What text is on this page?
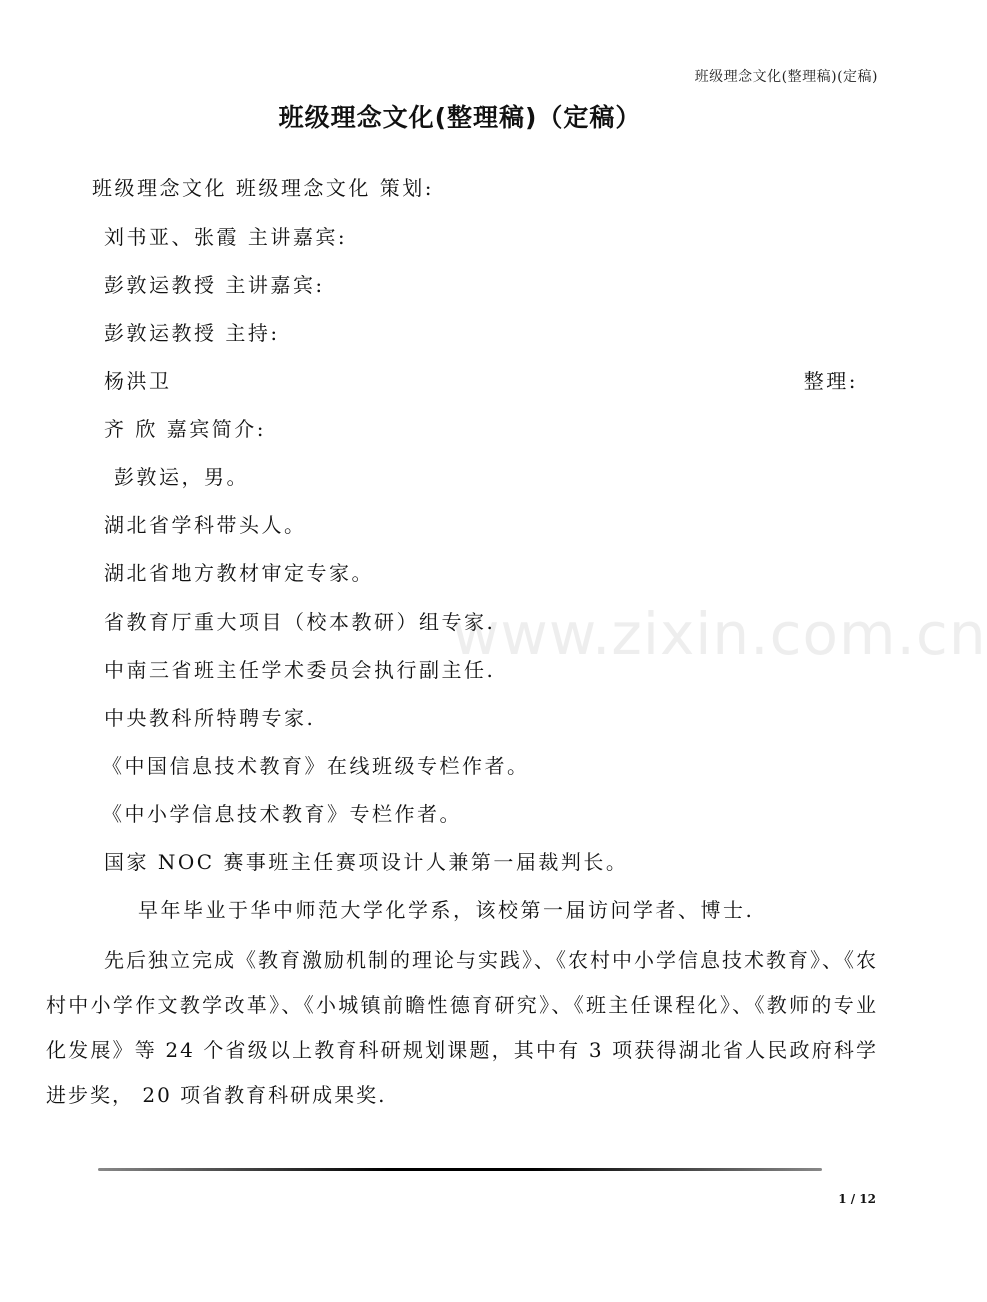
班级理念文化(整理稿)(定稿)
班级理念文化(整理稿)（定稿）
班级理念文化 班级理念文化 策划:
刘书亚、张霞 主讲嘉宾:
彭敦运教授 主讲嘉宾:
彭敦运教授 主持:
杨洪卫	整理:
齐 欣 嘉宾简介:
彭敦运，男。
湖北省学科带头人。
湖北省地方教材审定专家。
省教育厅重大项目（校本教研）组专家.
中南三省班主任学术委员会执行副主任.
中央教科所特聘专家.
《中国信息技术教育》在线班级专栏作者。
《中小学信息技术教育》专栏作者。
国家 NOC 赛事班主任赛项设计人兼第一届裁判长。
早年毕业于华中师范大学化学系，该校第一届访问学者、博士.
先后独立完成《教育激励机制的理论与实践》、《农村中小学信息技术教育》、《农村中小学作文教学改革》、《小城镇前瞻性德育研究》、《班主任课程化》、《教师的专业化发展》等 24 个省级以上教育科研规划课题，其中有 3 项获得湖北省人民政府科学进步奖， 20 项省教育科研成果奖.
www.zixin.com.cn
1 / 12
